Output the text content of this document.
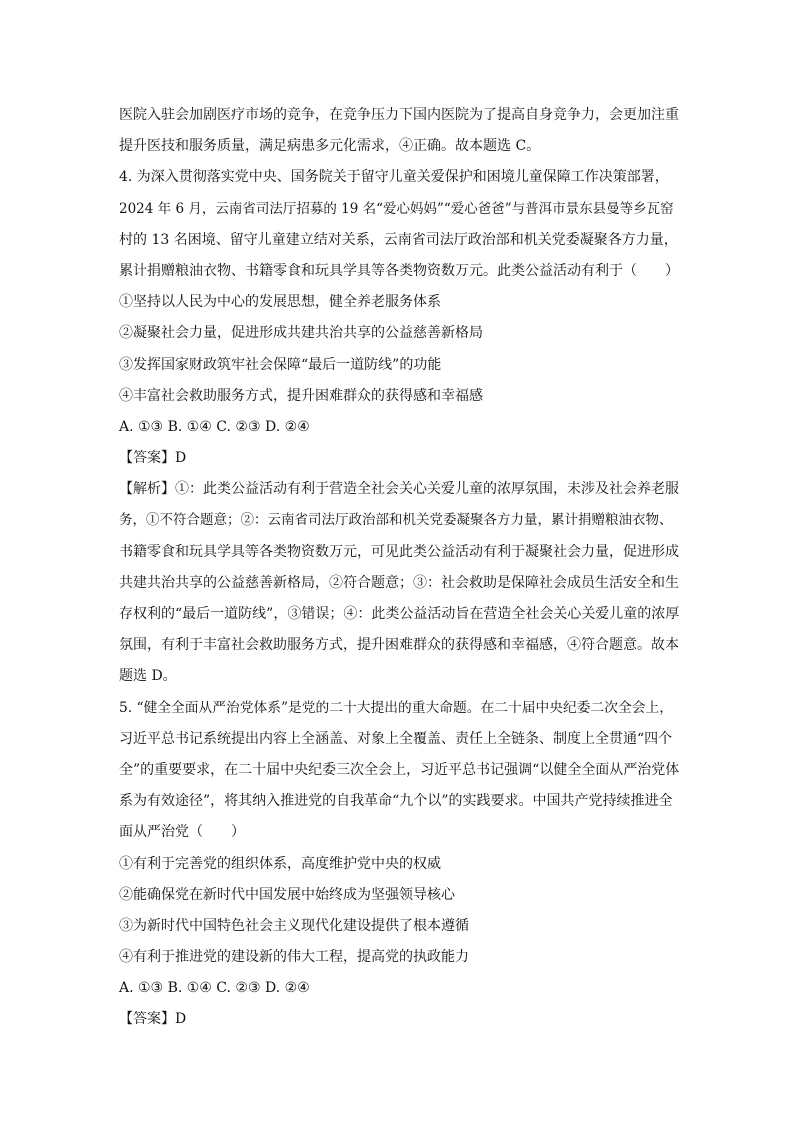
医院入驻会加剧医疗市场的竞争，在竞争压力下国内医院为了提高自身竞争力，会更加注重
提升医技和服务质量，满足病患多元化需求，④正确。故本题选 C。
4. 为深入贯彻落实党中央、国务院关于留守儿童关爱保护和困境儿童保障工作决策部署，
2024 年 6 月，云南省司法厅招募的 19 名“爱心妈妈”“爱心爸爸”与普洱市景东县曼等乡瓦窑
村的 13 名困境、留守儿童建立结对关系，云南省司法厅政治部和机关党委凝聚各方力量，
累计捐赠粮油衣物、书籍零食和玩具学具等各类物资数万元。此类公益活动有利于（　　）
①坚持以人民为中心的发展思想，健全养老服务体系
②凝聚社会力量，促进形成共建共治共享的公益慈善新格局
③发挥国家财政筑牢社会保障“最后一道防线”的功能
④丰富社会救助服务方式，提升困难群众的获得感和幸福感
A. ①③ B. ①④ C. ②③ D. ②④
【答案】D
【解析】①：此类公益活动有利于营造全社会关心关爱儿童的浓厚氛围，未涉及社会养老服
务，①不符合题意；②：云南省司法厅政治部和机关党委凝聚各方力量，累计捐赠粮油衣物、
书籍零食和玩具学具等各类物资数万元，可见此类公益活动有利于凝聚社会力量，促进形成
共建共治共享的公益慈善新格局，②符合题意；③：社会救助是保障社会成员生活安全和生
存权利的“最后一道防线”，③错误；④：此类公益活动旨在营造全社会关心关爱儿童的浓厚
氛围，有利于丰富社会救助服务方式，提升困难群众的获得感和幸福感，④符合题意。故本
题选 D。
5. “健全全面从严治党体系”是党的二十大提出的重大命题。在二十届中央纪委二次全会上，
习近平总书记系统提出内容上全涵盖、对象上全覆盖、责任上全链条、制度上全贯通“四个
全”的重要要求，在二十届中央纪委三次全会上，习近平总书记强调“以健全全面从严治党体
系为有效途径”，将其纳入推进党的自我革命“九个以”的实践要求。中国共产党持续推进全
面从严治党（　　）
①有利于完善党的组织体系，高度维护党中央的权威
②能确保党在新时代中国发展中始终成为坚强领导核心
③为新时代中国特色社会主义现代化建设提供了根本遵循
④有利于推进党的建设新的伟大工程，提高党的执政能力
A. ①③ B. ①④ C. ②③ D. ②④
【答案】D
